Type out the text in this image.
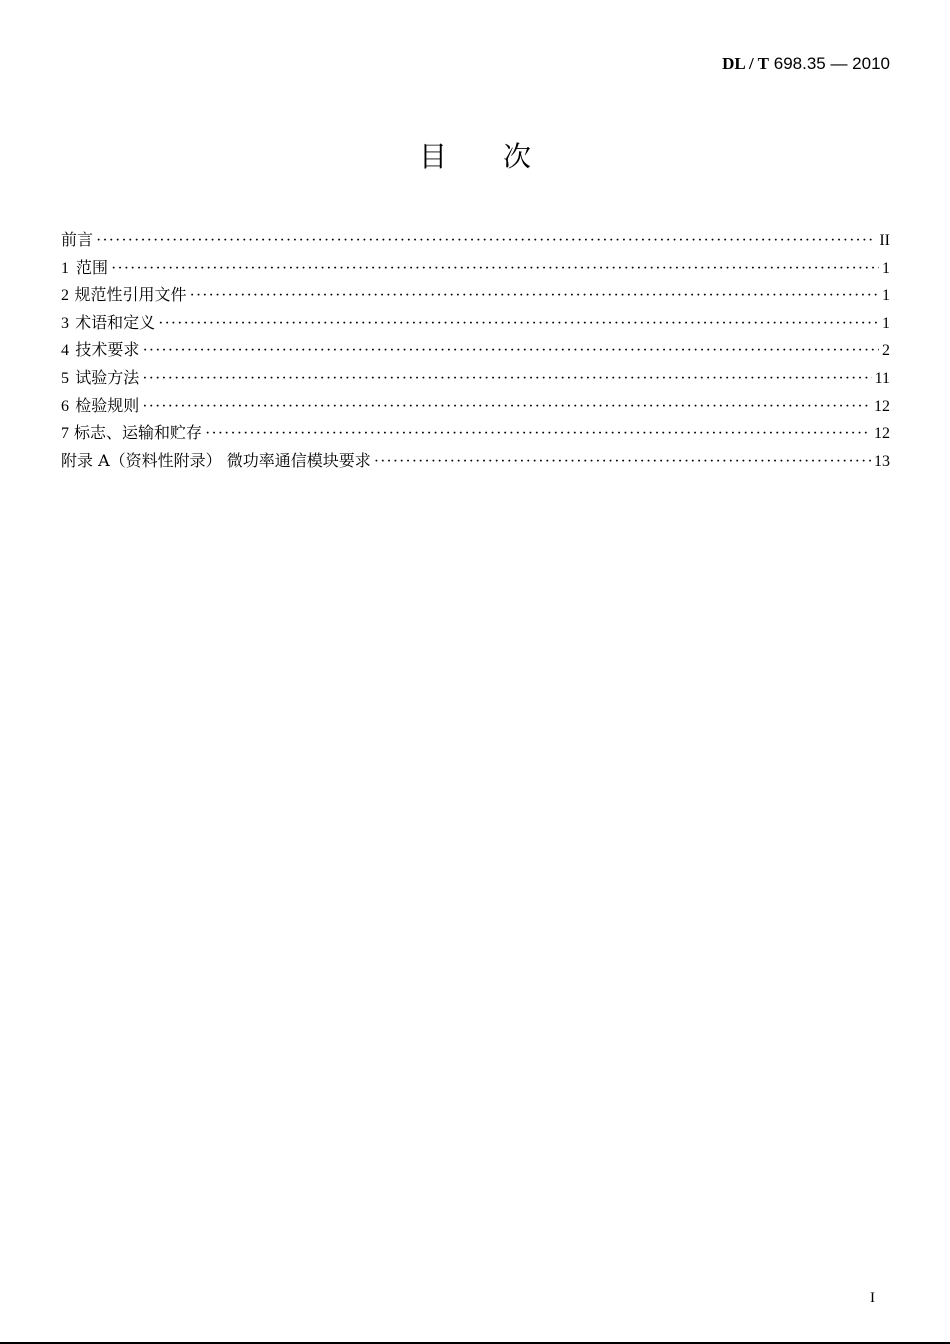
DL / T 698.35 — 2010
目次
前言 ·····	II
1 范围 ·····	1
2 规范性引用文件 ·····	1
3 术语和定义 ·····	1
4 技术要求 ·····	2
5 试验方法 ·····	11
6 检验规则 ·····	12
7 标志、运输和贮存 ·····	12
附录 A（资料性附录） 微功率通信模块要求 ·····	13
I
